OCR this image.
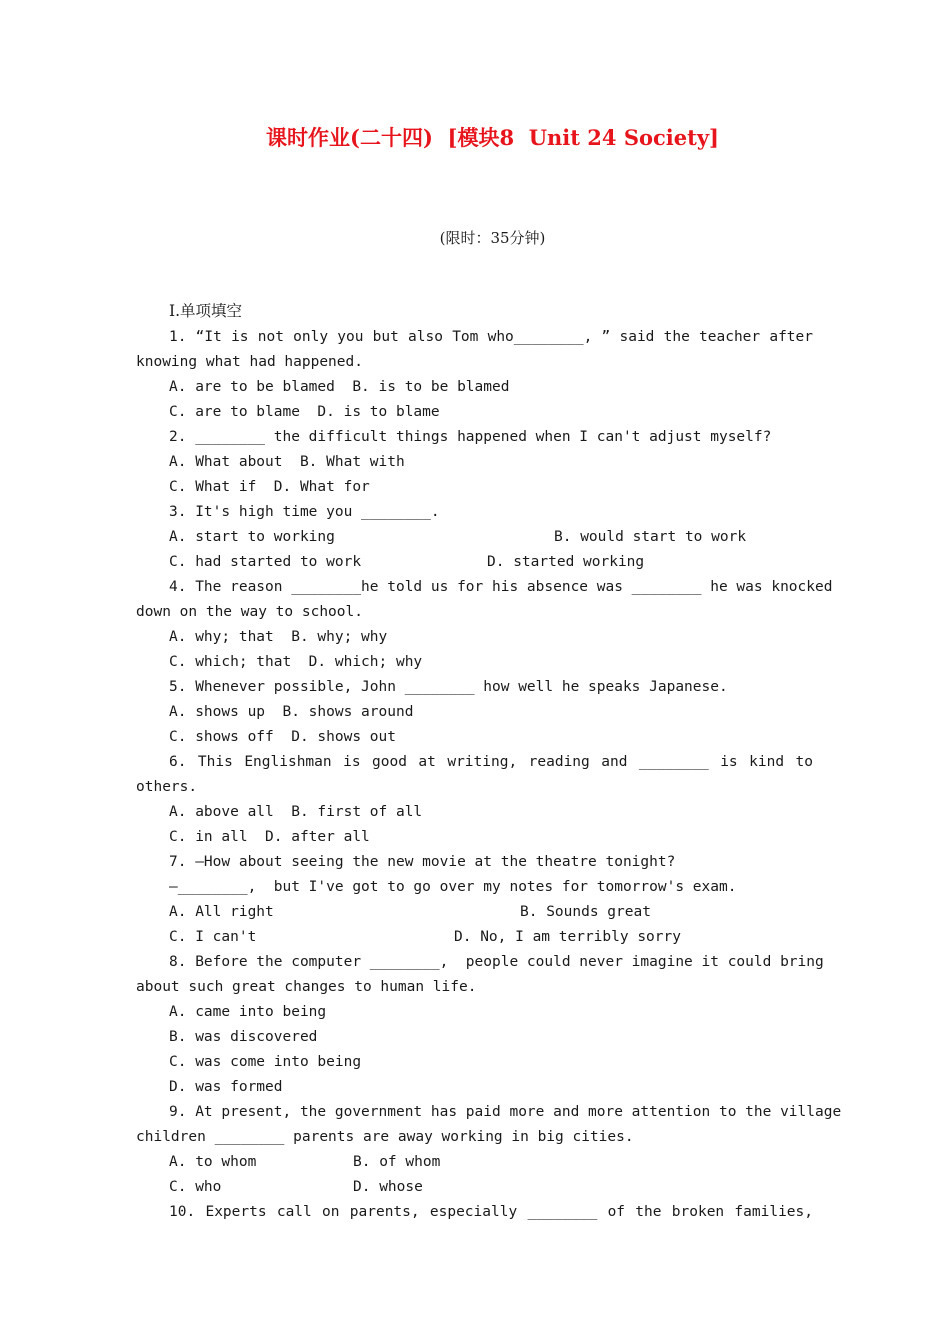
课时作业(二十四)  [模块8  Unit 24 Society]
(限时：35分钟)
Ⅰ.单项填空
1. “It is not only you but also Tom who________, ” said the teacher after
knowing what had happened.
A. are to be blamed  B. is to be blamed
C. are to blame  D. is to blame
2. ________ the difficult things happened when I can't adjust myself?
A. What about  B. What with
C. What if  D. What for
3. It's high time you ________.
A. start to working	B. would start to work
C. had started to work	D. started working
4. The reason ________he told us for his absence was ________ he was knocked
down on the way to school.
A. why; that  B. why; why
C. which; that  D. which; why
5. Whenever possible, John ________ how well he speaks Japanese.
A. shows up  B. shows around
C. shows off  D. shows out
6. This Englishman is good at writing, reading and ________ is kind to
others.
A. above all  B. first of all
C. in all  D. after all
7. —How about seeing the new movie at the theatre tonight?
—________,  but I've got to go over my notes for tomorrow's exam.
A. All right	B. Sounds great
C. I can't	D. No, I am terribly sorry
8. Before the computer ________,  people could never imagine it could bring
about such great changes to human life.
A. came into being
B. was discovered
C. was come into being
D. was formed
9. At present, the government has paid more and more attention to the village
children ________ parents are away working in big cities.
A. to whom	B. of whom
C. who	D. whose
10. Experts call on parents, especially ________ of the broken families,
